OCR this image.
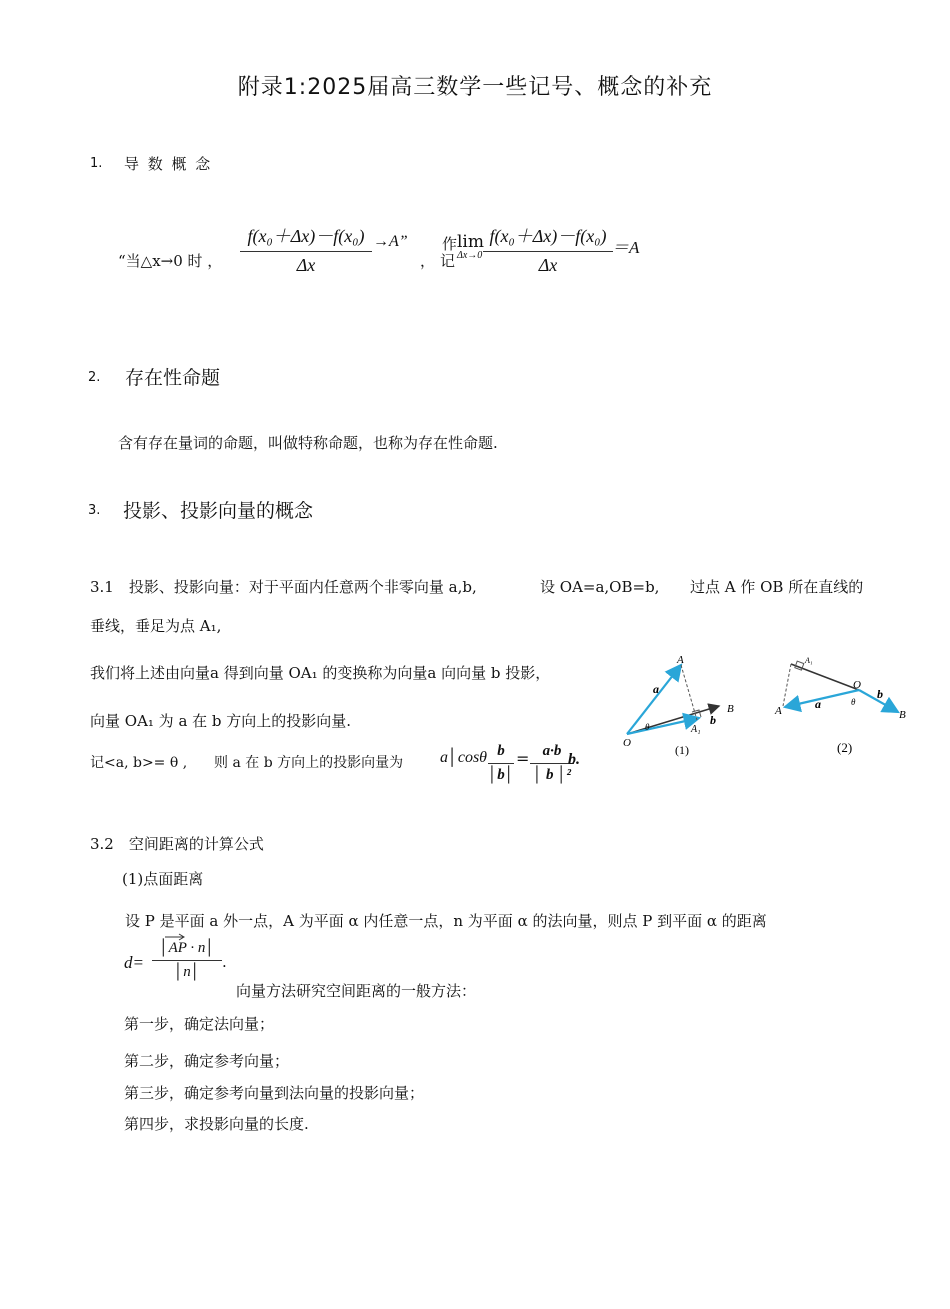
附录1:2025届高三数学一些记号、概念的补充
1. 导 数 概 念
“当△x→0 时 ，
f(x₀＋Δx)－f(x₀)
Δx
→A”
，
作
记
lim
Δx→0
f(x₀＋Δx)－f(x₀)
Δx
＝A
2. 存在性命题
含有存在量词的命题，叫做特称命题，也称为存在性命题.
3. 投影、投影向量的概念
3.1　投影、投影向量：对于平面内任意两个非零向量 a,b,	设 OA=a,OB=b, 过点 A 作 OB 所在直线的
垂线，垂足为点 A₁,
我们将上述由向量a 得到向量 OA₁ 的变换称为向量a 向向量 b 投影，
向量 OA₁ 为 a 在 b 方向上的投影向量.
记<a, b>= θ , 则 a 在 b 方向上的投影向量为 a│cosθ b
│b│
= a·b
│ b │²
b.
A
a
θ
O
A₁
b
B
(1)
A₁
O
b
A	a	θ
B
(2)
3.2　空间距离的计算公式
(1)点面距离
设 P 是平面 a 外一点，A 为平面 α 内任意一点，n 为平面 α 的法向量，则点 P 到平面 α 的距离
d=
│AP · n│
│n│
.
向量方法研究空间距离的一般方法：
第一步，确定法向量；
第二步，确定参考向量；
第三步，确定参考向量到法向量的投影向量；
第四步，求投影向量的长度.
